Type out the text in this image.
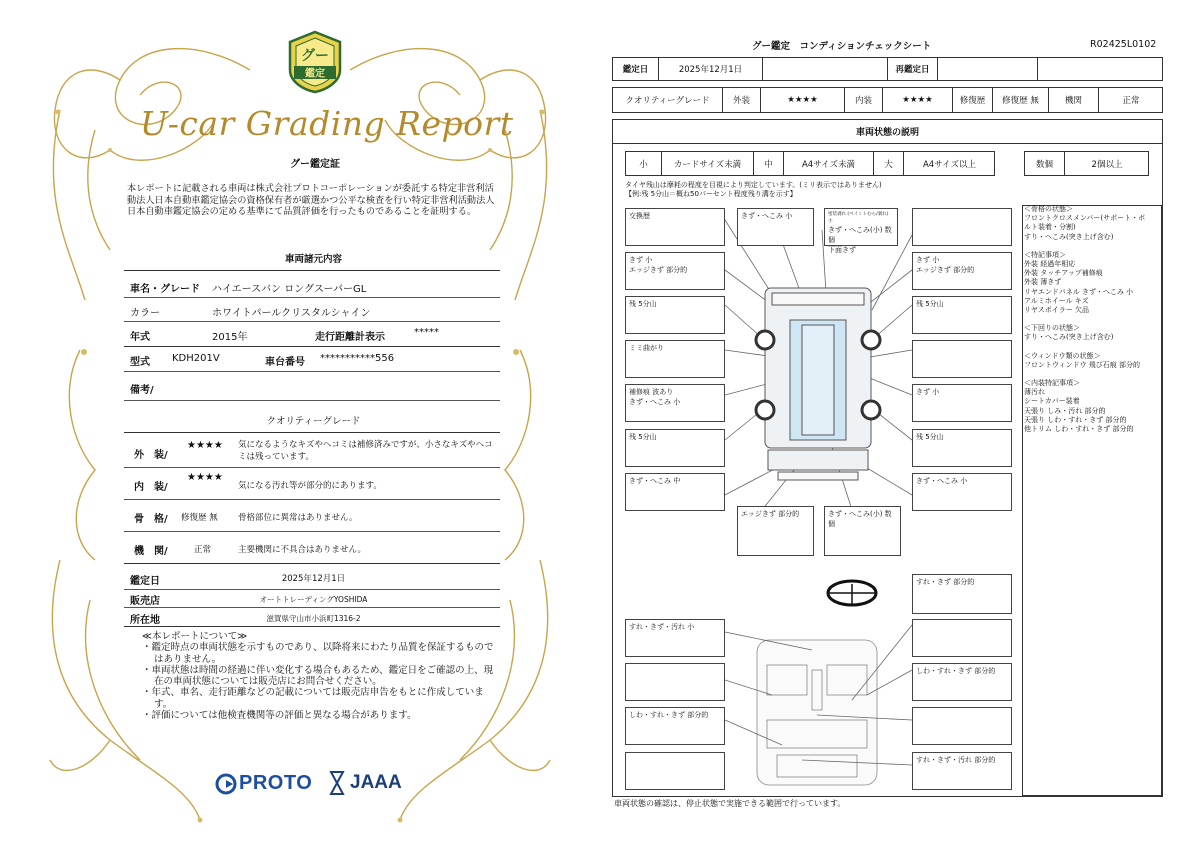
グー
鑑定
U-car Grading Report
グー鑑定証
本レポートに記載される車両は株式会社プロトコーポレーションが委託する特定非営利活動法人日本自動車鑑定協会の資格保有者が厳選かつ公平な検査を行い特定非営利活動法人日本自動車鑑定協会の定める基準にて品質評価を行ったものであることを証明する。
車両諸元内容
車名・グレード ハイエースバン ロングスーパーGL
カラー	ホワイトパールクリスタルシャイン
年式	2015年	走行距離計表示	*****
型式 KDH201V	車台番号 ***********556
備考/
クオリティーグレード
外　装/
★★★★ 気になるようなキズやヘコミは補修済みですが、小さなキズやヘコミは残っています。
内　装/
★★★★
気になる汚れ等が部分的にあります。
骨　格/ 修復歴 無 骨格部位に異常はありません。
機　関/	正常	主要機関に不具合はありません。
鑑定日	2025年12月1日
販売店	オートトレーディングYOSHIDA
所在地	滋賀県守山市小浜町1316-2
≪本レポートについて≫
・鑑定時点の車両状態を示すものであり、以降将来にわたり品質を保証するものではありません。
・車両状態は時間の経過に伴い変化する場合もあるため、鑑定日をご確認の上、現在の車両状態については販売店にお問合せください。
・年式、車名、走行距離などの記載については販売店申告をもとに作成しています。
・評価については他検査機関等の評価と異なる場合があります。
PROTO JAAA
グー鑑定　コンディションチェックシート	R02425L0102
鑑定日	2025年12月1日	再鑑定日
クオリティーグレード	外装	★★★★	内装	★★★★	修復歴	修復歴 無	機関	正常
車両状態の説明
小	カードサイズ未満	中	A4サイズ未満	大	A4サイズ以上	数個	2個以上
タイヤ残山は摩耗の程度を目視により判定しています。(ミリ表示ではありません)
【例:残 5分山＝概ね50パーセント程度残り溝を示す】
＜骨格の状態＞
フロントクロスメンバー(サポート・ボ
ルト装着・分割)
すり・へこみ(突き上げ含む)
＜特記事項＞
外装 経過年相応
外装 タッチアップ補修痕
外装 薄きず
リヤエンドパネル きず・へこみ 小
アルミホイール キズ
リヤスポイラー 欠品
＜下回りの状態＞
すり・へこみ(突き上げ含む)
＜ウィンドウ類の状態＞
フロントウィンドウ 飛び石痕 部分的
＜内装特記事項＞
薄汚れ
シートカバー装着
天張り しみ・汚れ 部分的
天張り しわ・すれ・きず 部分的
他トリム しわ・すれ・きず 部分的
交換歴	きず・へこみ 小	塗装剥れ (ペイントむら/剥れ) 小
きず・へこみ(小) 数個
下面きず
きず 小
エッジきず 部分的
きず 小
エッジきず 部分的
残 5分山	残 5分山
ミミ曲がり
補修痕 波あり
きず・へこみ 小
きず 小
残 5分山	残 5分山
きず・へこみ 中	きず・へこみ 小
エッジきず 部分的	きず・へこみ(小) 数個
すれ・きず 部分的
すれ・きず・汚れ 小
しわ・すれ・きず 部分的
しわ・すれ・きず 部分的
すれ・きず・汚れ 部分的
車両状態の確認は、停止状態で実施できる範囲で行っています。
